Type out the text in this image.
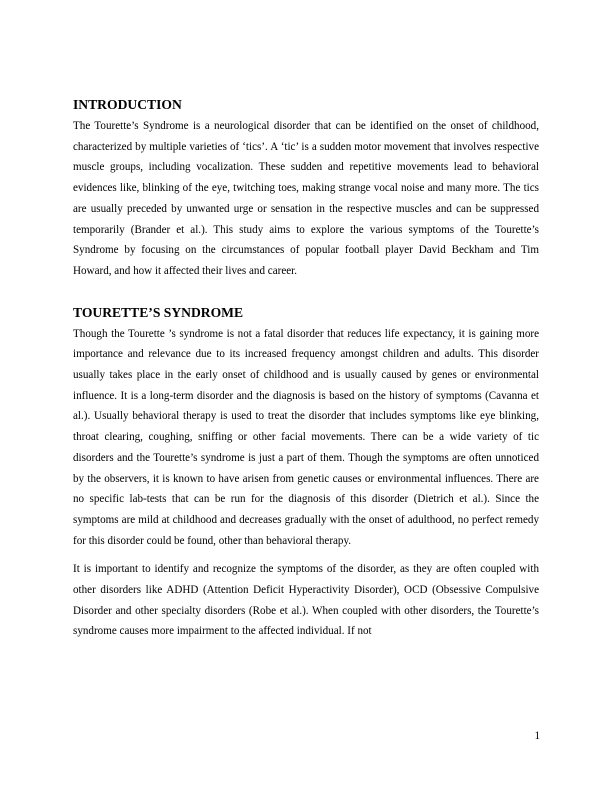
INTRODUCTION

The Tourette’s Syndrome is a neurological disorder that can be identified on the onset of childhood, characterized by multiple varieties of ‘tics’. A ‘tic’ is a sudden motor movement that involves respective muscle groups, including vocalization. These sudden and repetitive movements lead to behavioral evidences like, blinking of the eye, twitching toes, making strange vocal noise and many more. The tics are usually preceded by unwanted urge or sensation in the respective muscles and can be suppressed temporarily (Brander et al.). This study aims to explore the various symptoms of the Tourette’s Syndrome by focusing on the circumstances of popular football player David Beckham and Tim Howard, and how it affected their lives and career.

TOURETTE’S SYNDROME

Though the Tourette ’s syndrome is not a fatal disorder that reduces life expectancy, it is gaining more importance and relevance due to its increased frequency amongst children and adults. This disorder usually takes place in the early onset of childhood and is usually caused by genes or environmental influence. It is a long-term disorder and the diagnosis is based on the history of symptoms (Cavanna et al.). Usually behavioral therapy is used to treat the disorder that includes symptoms like eye blinking, throat clearing, coughing, sniffing or other facial movements. There can be a wide variety of tic disorders and the Tourette’s syndrome is just a part of them. Though the symptoms are often unnoticed by the observers, it is known to have arisen from genetic causes or environmental influences. There are no specific lab-tests that can be run for the diagnosis of this disorder (Dietrich et al.). Since the symptoms are mild at childhood and decreases gradually with the onset of adulthood, no perfect remedy for this disorder could be found, other than behavioral therapy.

It is important to identify and recognize the symptoms of the disorder, as they are often coupled with other disorders like ADHD (Attention Deficit Hyperactivity Disorder), OCD (Obsessive Compulsive Disorder and other specialty disorders (Robe et al.). When coupled with other disorders, the Tourette’s syndrome causes more impairment to the affected individual. If not

1
